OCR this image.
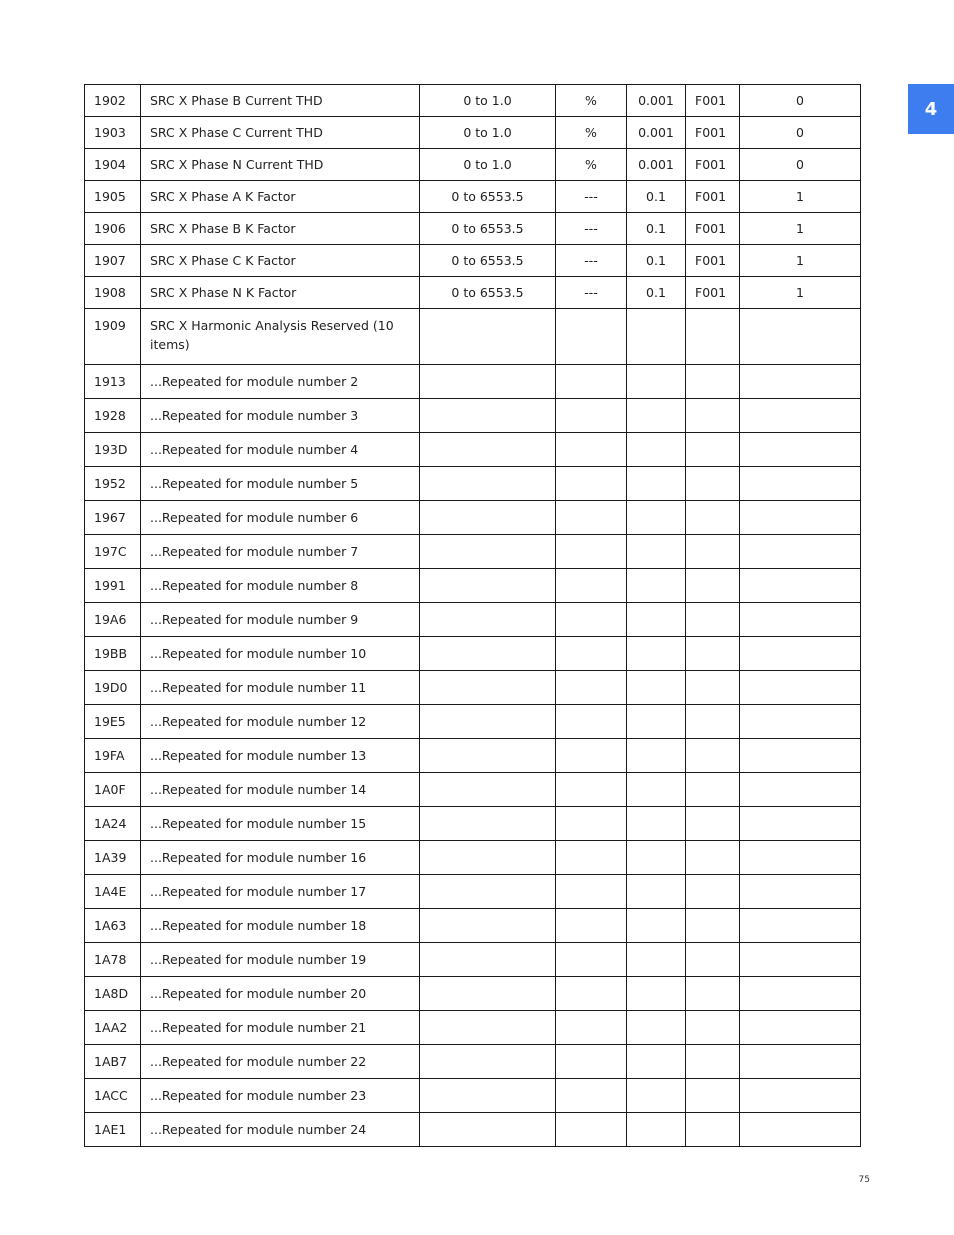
4
1902	SRC X Phase B Current THD	0 to 1.0	%	0.001	F001	0
1903	SRC X Phase C Current THD	0 to 1.0	%	0.001	F001	0
1904	SRC X Phase N Current THD	0 to 1.0	%	0.001	F001	0
1905	SRC X Phase A K Factor	0 to 6553.5	---	0.1	F001	1
1906	SRC X Phase B K Factor	0 to 6553.5	---	0.1	F001	1
1907	SRC X Phase C K Factor	0 to 6553.5	---	0.1	F001	1
1908	SRC X Phase N K Factor	0 to 6553.5	---	0.1	F001	1
1909	SRC X Harmonic Analysis Reserved (10 items)					
1913	...Repeated for module number 2					
1928	...Repeated for module number 3					
193D	...Repeated for module number 4					
1952	...Repeated for module number 5					
1967	...Repeated for module number 6					
197C	...Repeated for module number 7					
1991	...Repeated for module number 8					
19A6	...Repeated for module number 9					
19BB	...Repeated for module number 10					
19D0	...Repeated for module number 11					
19E5	...Repeated for module number 12					
19FA	...Repeated for module number 13					
1A0F	...Repeated for module number 14					
1A24	...Repeated for module number 15					
1A39	...Repeated for module number 16					
1A4E	...Repeated for module number 17					
1A63	...Repeated for module number 18					
1A78	...Repeated for module number 19					
1A8D	...Repeated for module number 20					
1AA2	...Repeated for module number 21					
1AB7	...Repeated for module number 22					
1ACC	...Repeated for module number 23					
1AE1	...Repeated for module number 24					
75
